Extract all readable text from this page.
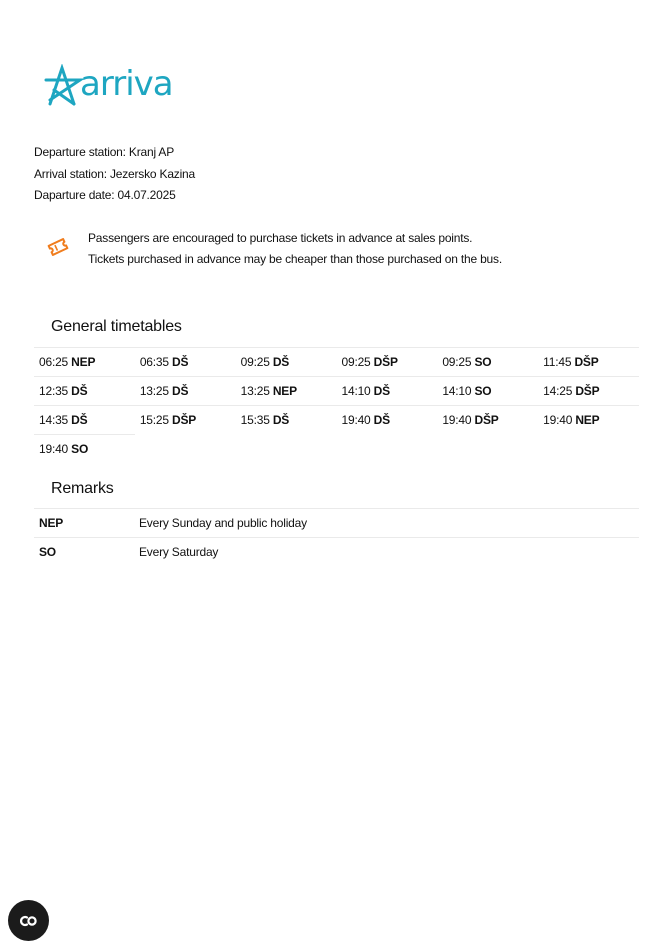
arriva
Departure station: Kranj AP
Arrival station: Jezersko Kazina
Daparture date: 04.07.2025
Passengers are encouraged to purchase tickets in advance at sales points.
Tickets purchased in advance may be cheaper than those purchased on the bus.
General timetables
06:25 NEP	06:35 DŠ	09:25 DŠ	09:25 DŠP	09:25 SO	11:45 DŠP
12:35 DŠ	13:25 DŠ	13:25 NEP	14:10 DŠ	14:10 SO	14:25 DŠP
14:35 DŠ	15:25 DŠP	15:35 DŠ	19:40 DŠ	19:40 DŠP	19:40 NEP
19:40 SO
Remarks
NEP	Every Sunday and public holiday
SO	Every Saturday
